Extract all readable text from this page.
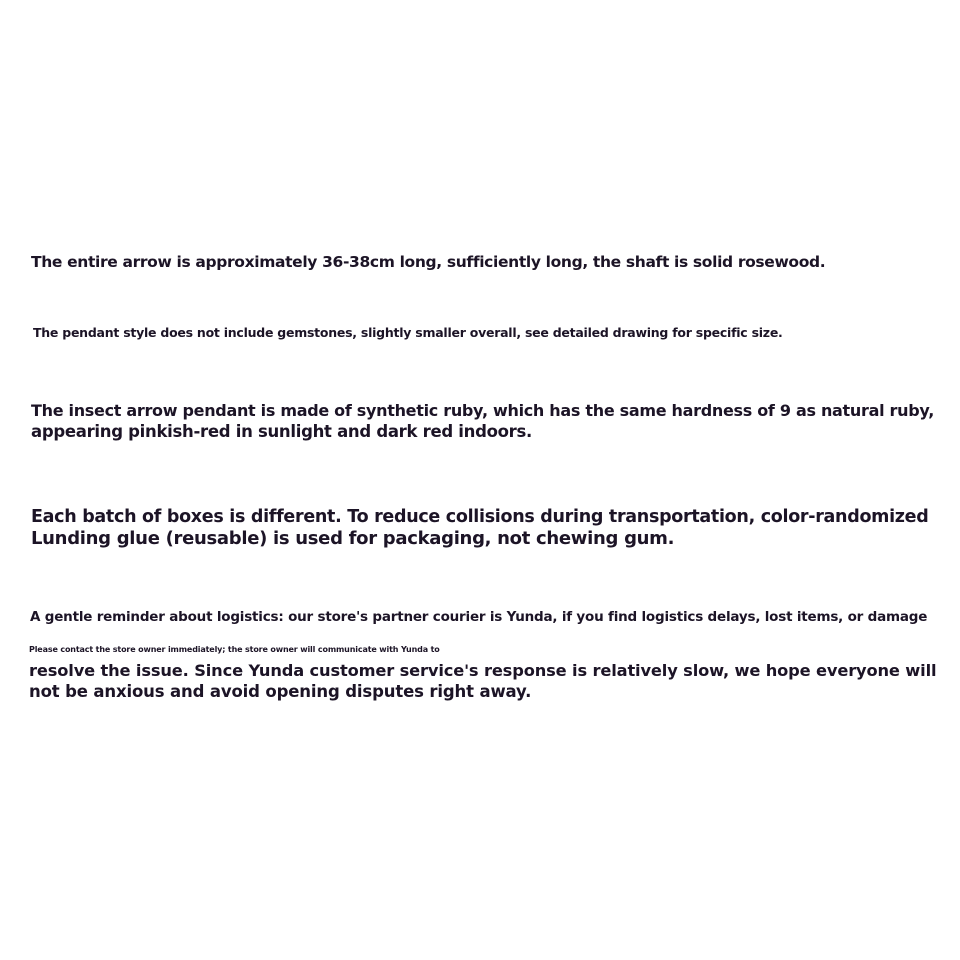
The entire arrow is approximately 36-38cm long, sufficiently long, the shaft is solid rosewood.

The pendant style does not include gemstones, slightly smaller overall, see detailed drawing for specific size.

The insect arrow pendant is made of synthetic ruby, which has the same hardness of 9 as natural ruby,
appearing pinkish-red in sunlight and dark red indoors.

Each batch of boxes is different. To reduce collisions during transportation, color-randomized
Lunding glue (reusable) is used for packaging, not chewing gum.

A gentle reminder about logistics: our store's partner courier is Yunda, if you find logistics delays, lost items, or damage

Please contact the store owner immediately; the store owner will communicate with Yunda to
resolve the issue. Since Yunda customer service's response is relatively slow, we hope everyone will
not be anxious and avoid opening disputes right away.
